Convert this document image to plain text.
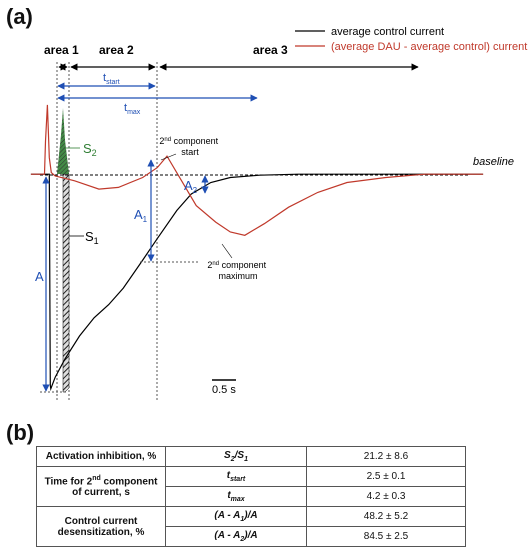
(a)
area 1 area 2	area 3
$t_{start}$
$t_{max}$
baseline
A
$A_1$
$A_2$
$S_1$
$S_2$
2nd component start
2nd component maximum
average control current
(average DAU - average control) current
0.5 s
(b)
Activation inhibition, %	$S_2/S_1$	21.2 ± 8.6
Time for 2nd component of current, s	$t_{start}$	2.5 ± 0.1
	$t_{max}$	4.2 ± 0.3
Control current desensitization, %	$(A - A_1)/A$	48.2 ± 5.2
	$(A - A_2)/A$	84.5 ± 2.5
